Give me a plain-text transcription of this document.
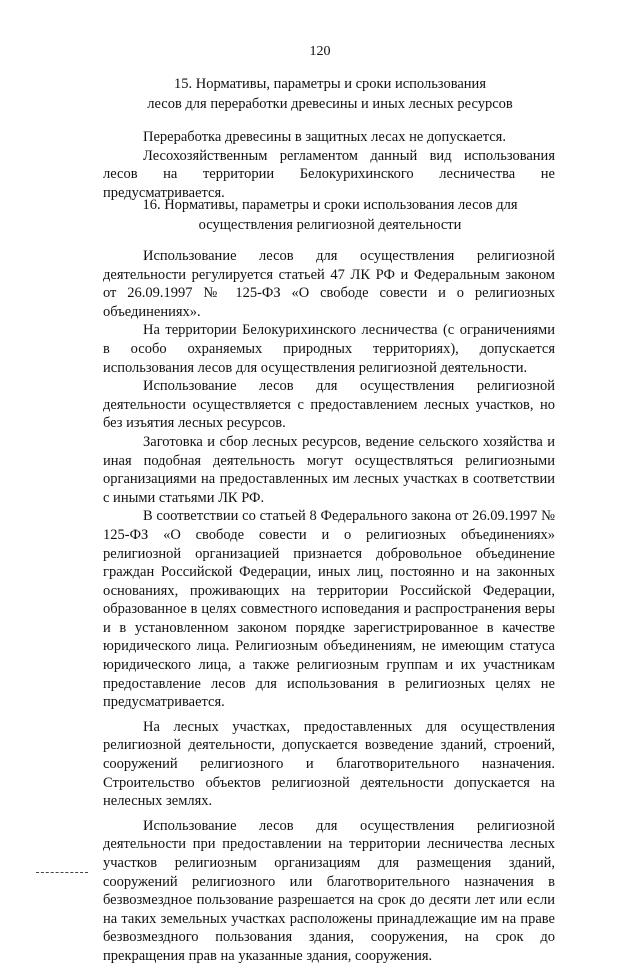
120
15. Нормативы, параметры и сроки использования
лесов для переработки древесины и иных лесных ресурсов

Переработка древесины в защитных лесах не допускается.

Лесохозяйственным регламентом данный вид использования лесов на территории Белокурихинского лесничества не предусматривается.

16. Нормативы, параметры и сроки использования лесов для
осуществления религиозной деятельности

Использование лесов для осуществления религиозной деятельности регулируется статьей 47 ЛК РФ и Федеральным законом от 26.09.1997 № 125-ФЗ «О свободе совести и о религиозных объединениях».

На территории Белокурихинского лесничества (с ограничениями в особо охраняемых природных территориях), допускается использования лесов для осуществления религиозной деятельности.

Использование лесов для осуществления религиозной деятельности осуществляется с предоставлением лесных участков, но без изъятия лесных ресурсов.

Заготовка и сбор лесных ресурсов, ведение сельского хозяйства и иная подобная деятельность могут осуществляться религиозными организациями на предоставленных им лесных участках в соответствии с иными статьями ЛК РФ.

В соответствии со статьей 8 Федерального закона от 26.09.1997 № 125-ФЗ «О свободе совести и о религиозных объединениях» религиозной организацией признается добровольное объединение граждан Российской Федерации, иных лиц, постоянно и на законных основаниях, проживающих на территории Российской Федерации, образованное в целях совместного исповедания и распространения веры и в установленном законом порядке зарегистрированное в качестве юридического лица. Религиозным объединениям, не имеющим статуса юридического лица, а также религиозным группам и их участникам предоставление лесов для использования в религиозных целях не предусматривается.

На лесных участках, предоставленных для осуществления религиозной деятельности, допускается возведение зданий, строений, сооружений религиозного и благотворительного назначения. Строительство объектов религиозной деятельности допускается на нелесных землях.

Использование лесов для осуществления религиозной деятельности при предоставлении на территории лесничества лесных участков религиозным организациям для размещения зданий, сооружений религиозного или благотворительного назначения в безвозмездное пользование разрешается на срок до десяти лет или если на таких земельных участках расположены принадлежащие им на праве безвозмездного пользования здания, сооружения, на срок до прекращения прав на указанные здания, сооружения.
